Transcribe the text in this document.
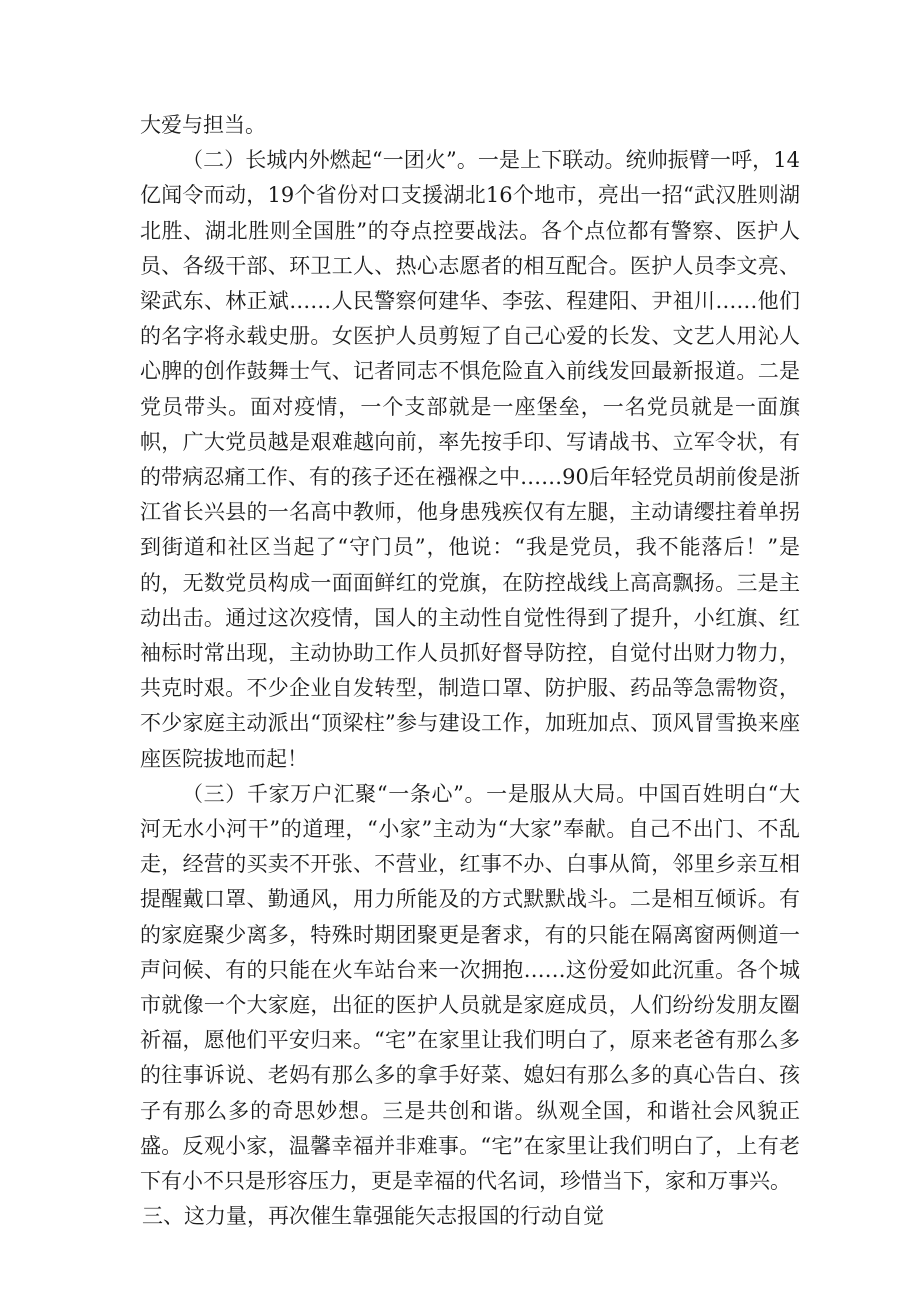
大爱与担当。

（二）长城内外燃起“一团火”。一是上下联动。统帅振臂一呼，14亿闻令而动，19个省份对口支援湖北16个地市，亮出一招“武汉胜则湖北胜、湖北胜则全国胜”的夺点控要战法。各个点位都有警察、医护人员、各级干部、环卫工人、热心志愿者的相互配合。医护人员李文亮、梁武东、林正斌……人民警察何建华、李弦、程建阳、尹祖川……他们的名字将永载史册。女医护人员剪短了自己心爱的长发、文艺人用沁人心脾的创作鼓舞士气、记者同志不惧危险直入前线发回最新报道。二是党员带头。面对疫情，一个支部就是一座堡垒，一名党员就是一面旗帜，广大党员越是艰难越向前，率先按手印、写请战书、立军令状，有的带病忍痛工作、有的孩子还在襁褓之中……90后年轻党员胡前俊是浙江省长兴县的一名高中教师，他身患残疾仅有左腿，主动请缨拄着单拐到街道和社区当起了“守门员”，他说：“我是党员，我不能落后！”是的，无数党员构成一面面鲜红的党旗，在防控战线上高高飘扬。三是主动出击。通过这次疫情，国人的主动性自觉性得到了提升，小红旗、红袖标时常出现，主动协助工作人员抓好督导防控，自觉付出财力物力，共克时艰。不少企业自发转型，制造口罩、防护服、药品等急需物资，不少家庭主动派出“顶梁柱”参与建设工作，加班加点、顶风冒雪换来座座医院拔地而起！

（三）千家万户汇聚“一条心”。一是服从大局。中国百姓明白“大河无水小河干”的道理，“小家”主动为“大家”奉献。自己不出门、不乱走，经营的买卖不开张、不营业，红事不办、白事从简，邻里乡亲互相提醒戴口罩、勤通风，用力所能及的方式默默战斗。二是相互倾诉。有的家庭聚少离多，特殊时期团聚更是奢求，有的只能在隔离窗两侧道一声问候、有的只能在火车站台来一次拥抱……这份爱如此沉重。各个城市就像一个大家庭，出征的医护人员就是家庭成员，人们纷纷发朋友圈祈福，愿他们平安归来。“宅”在家里让我们明白了，原来老爸有那么多的往事诉说、老妈有那么多的拿手好菜、媳妇有那么多的真心告白、孩子有那么多的奇思妙想。三是共创和谐。纵观全国，和谐社会风貌正盛。反观小家，温馨幸福并非难事。“宅”在家里让我们明白了，上有老下有小不只是形容压力，更是幸福的代名词，珍惜当下，家和万事兴。

三、这力量，再次催生靠强能矢志报国的行动自觉
